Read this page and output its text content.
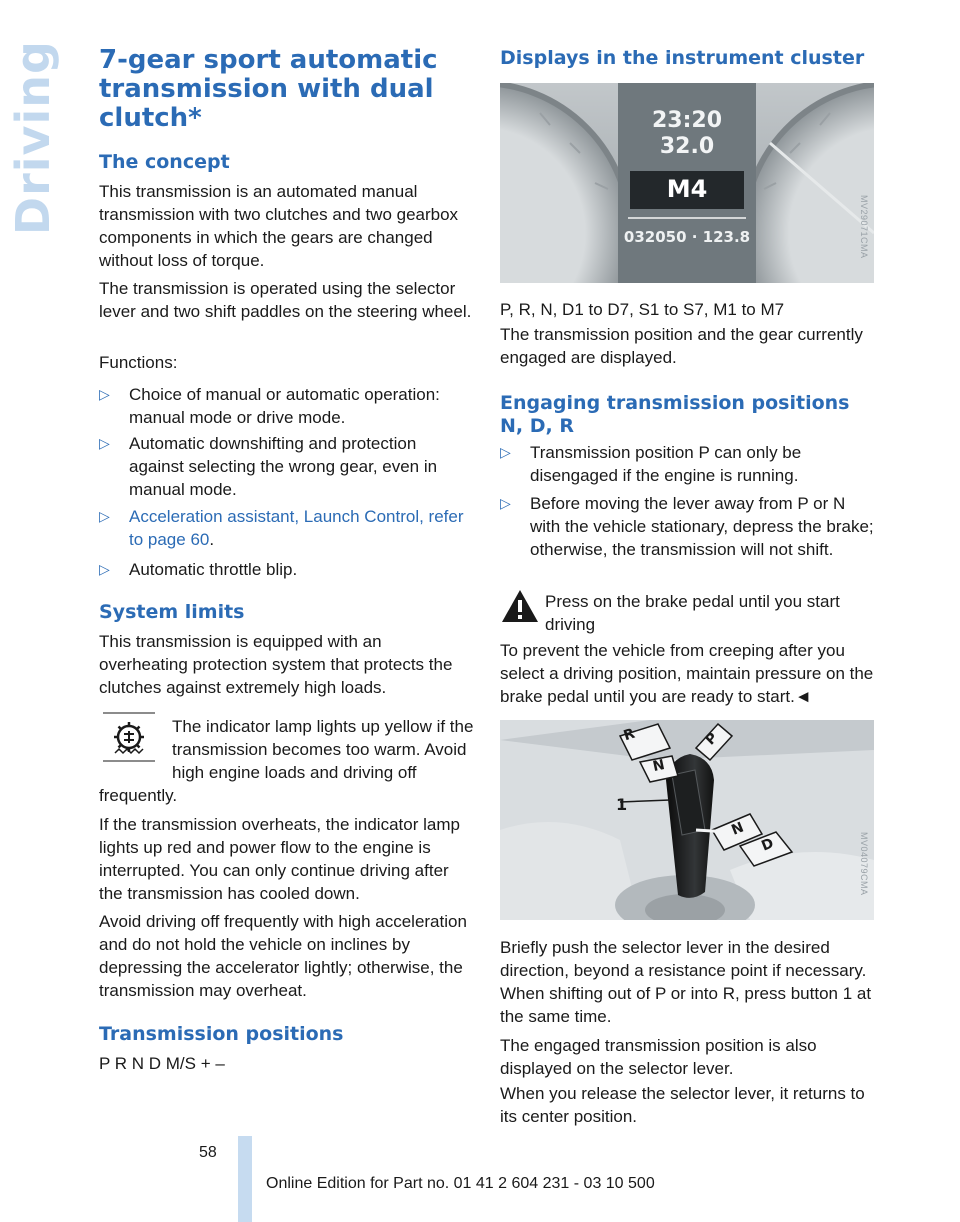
Driving 7-gear sport automatic transmission with dual clutch*
The concept

This transmission is an automated manual transmission with two clutches and two gearbox components in which the gears are changed without loss of torque.

The transmission is operated using the selector lever and two shift paddles on the steering wheel.

Functions:

▷	Choice of manual or automatic operation: manual mode or drive mode.
▷	Automatic downshifting and protection against selecting the wrong gear, even in manual mode.
▷	Acceleration assistant, Launch Control, refer to page 60.
▷	Automatic throttle blip.
System limits

This transmission is equipped with an overheating protection system that protects the clutches against extremely high loads.

The indicator lamp lights up yellow if the transmission becomes too warm. Avoid high engine loads and driving off

frequently.

If the transmission overheats, the indicator lamp lights up red and power flow to the engine is interrupted. You can only continue driving after the transmission has cooled down.

Avoid driving off frequently with high acceleration and do not hold the vehicle on inclines by depressing the accelerator lightly; otherwise, the transmission may overheat.

Transmission positions

P R N D M/S + –

Displays in the instrument cluster
23:20
32.0
M4
032050 · 123.8	MV29071CMA

P, R, N, D1 to D7, S1 to S7, M1 to M7

The transmission position and the gear currently engaged are displayed.

Engaging transmission positions N, D, R
▷	Transmission position P can only be disengaged if the engine is running.
▷	Before moving the lever away from P or N with the vehicle stationary, depress the brake; otherwise, the transmission will not shift.

Press on the brake pedal until you start driving

To prevent the vehicle from creeping after you select a driving position, maintain pressure on the brake pedal until you are ready to start.◄

R
N
P
N
D
1
MV04079CMA

Briefly push the selector lever in the desired direction, beyond a resistance point if necessary. When shifting out of P or into R, press button 1 at the same time.

The engaged transmission position is also displayed on the selector lever.

When you release the selector lever, it returns to its center position.

58
Online Edition for Part no. 01 41 2 604 231 - 03 10 500
